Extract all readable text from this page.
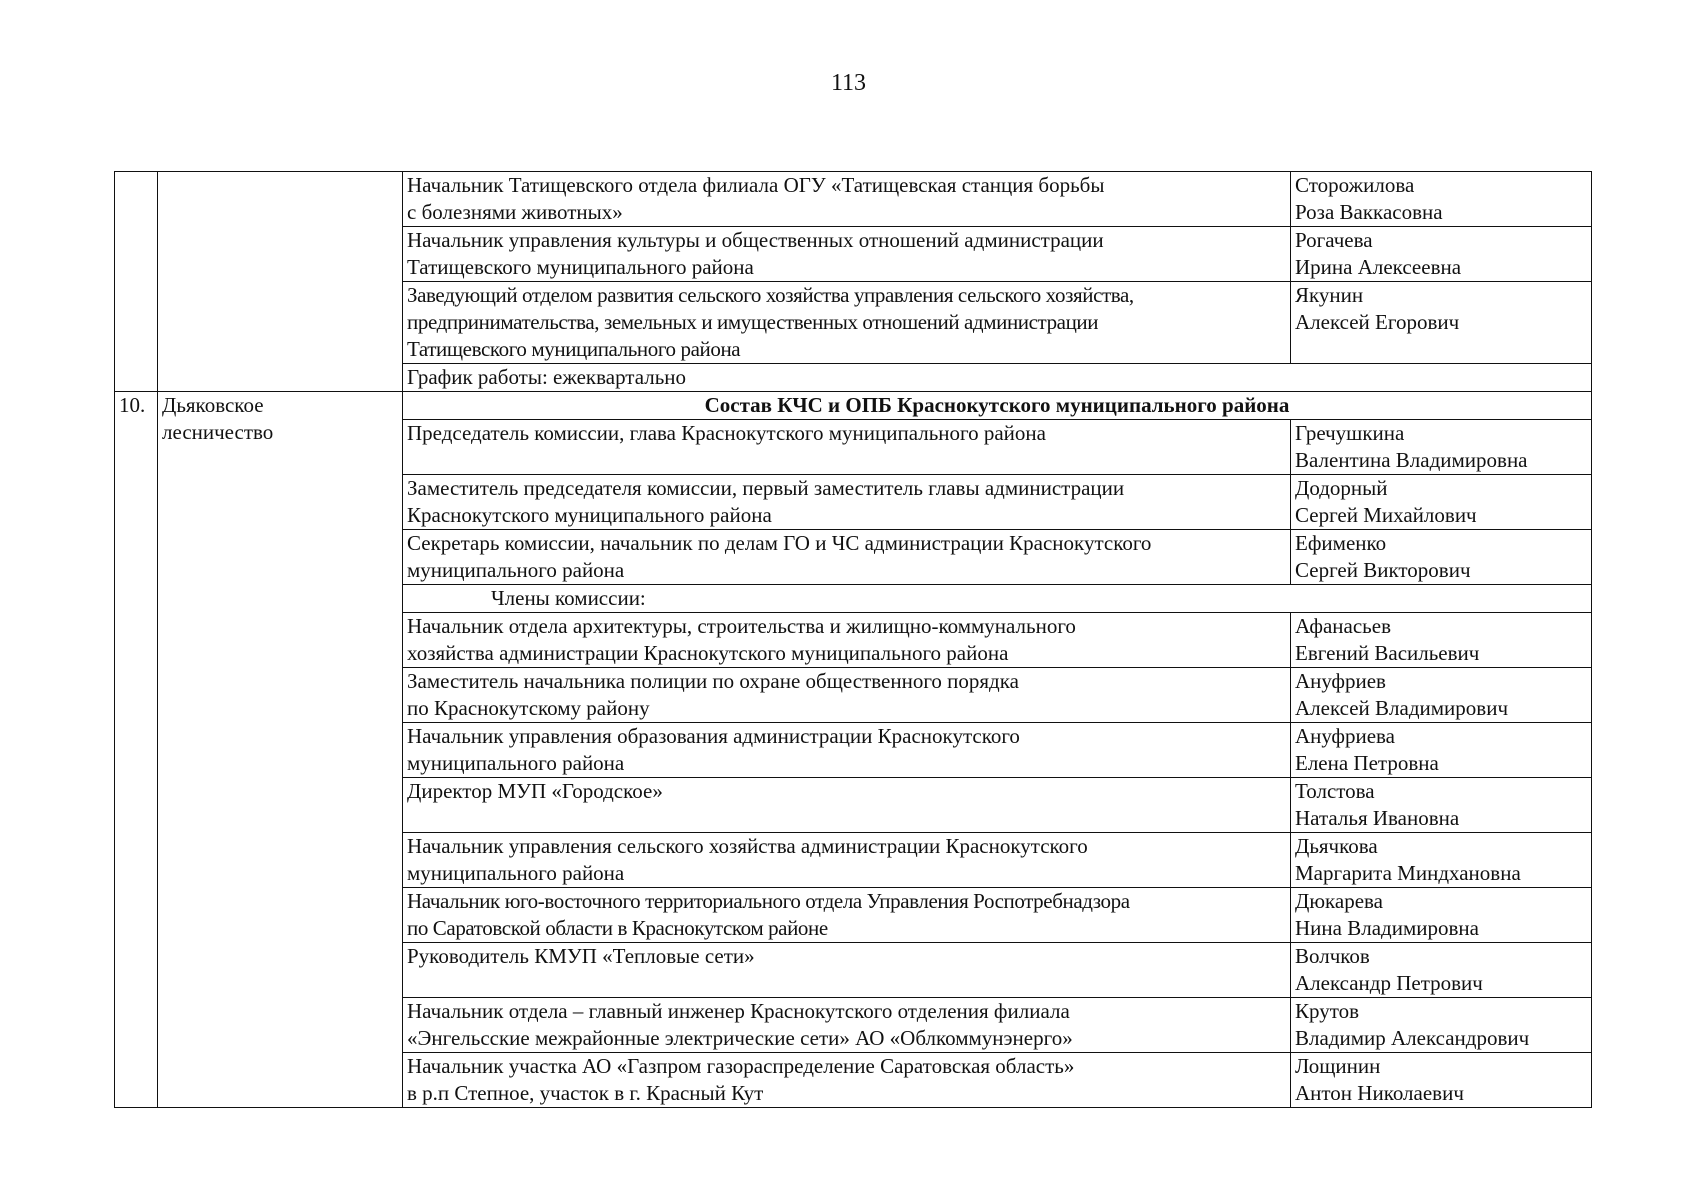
113

		Начальник Татищевского отдела филиала ОГУ «Татищевская станция борьбы
с болезнями животных»	Сторожилова
Роза Ваккасовна

		Начальник управления культуры и общественных отношений администрации
Татищевского муниципального района	Рогачева
Ирина Алексеевна

		Заведующий отделом развития сельского хозяйства управления сельского хозяйства,
предпринимательства, земельных и имущественных отношений администрации
Татищевского муниципального района	Якунин
Алексей Егорович

		График работы: ежеквартально	

10.	Дьяковское
лесничество	Состав КЧС и ОПБ Краснокутского муниципального района	

		Председатель комиссии, глава Краснокутского муниципального района	Гречушкина
Валентина Владимировна

		Заместитель председателя комиссии, первый заместитель главы администрации
Краснокутского муниципального района	Додорный
Сергей Михайлович

		Секретарь комиссии, начальник по делам ГО и ЧС администрации Краснокутского
муниципального района	Ефименко
Сергей Викторович

		Члены комиссии:	

		Начальник отдела архитектуры, строительства и жилищно-коммунального
хозяйства администрации Краснокутского муниципального района	Афанасьев
Евгений Васильевич

		Заместитель начальника полиции по охране общественного порядка
по Краснокутскому району	Ануфриев
Алексей Владимирович

		Начальник управления образования администрации Краснокутского
муниципального района	Ануфриева
Елена Петровна

		Директор МУП «Городское»	Толстова
Наталья Ивановна

		Начальник управления сельского хозяйства администрации Краснокутского
муниципального района	Дьячкова
Маргарита Миндхановна

		Начальник юго-восточного территориального отдела Управления Роспотребнадзора
по Саратовской области в Краснокутском районе	Дюкарева
Нина Владимировна

		Руководитель КМУП «Тепловые сети»	Волчков
Александр Петрович

		Начальник отдела – главный инженер Краснокутского отделения филиала
«Энгельсские межрайонные электрические сети» АО «Облкоммунэнерго»	Крутов
Владимир Александрович

		Начальник участка АО «Газпром газораспределение Саратовская область»
в р.п Степное, участок в г. Красный Кут	Лощинин
Антон Николаевич
